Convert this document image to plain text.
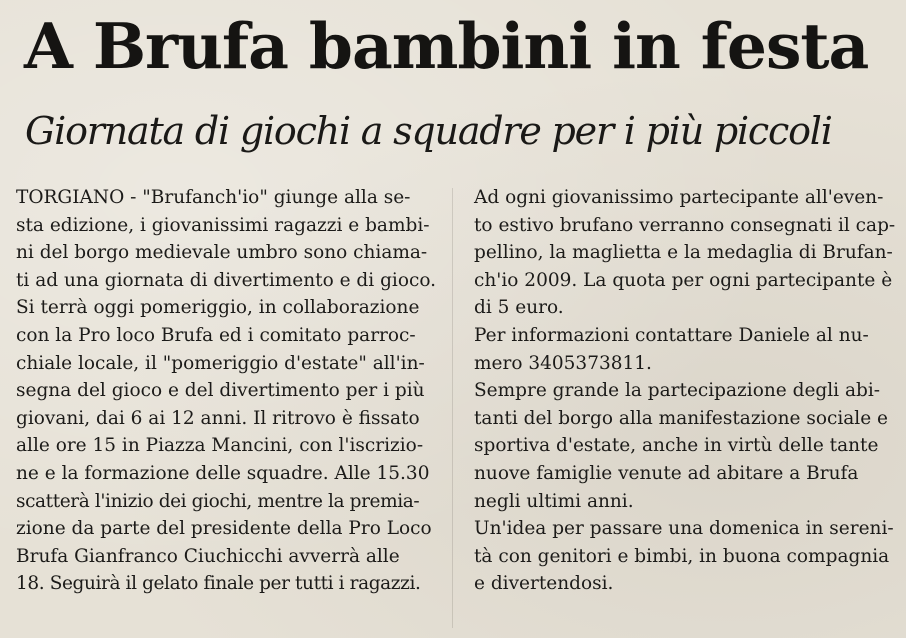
A Brufa bambini in festa
Giornata di giochi a squadre per i più piccoli
TORGIANO - "Brufanch'io" giunge alla se-
sta edizione, i giovanissimi ragazzi e bambi-
ni del borgo medievale umbro sono chiama-
ti ad una giornata di divertimento e di gioco.
Si terrà oggi pomeriggio, in collaborazione
con la Pro loco Brufa ed i comitato parroc-
chiale locale, il "pomeriggio d'estate" all'in-
segna del gioco e del divertimento per i più
giovani, dai 6 ai 12 anni. Il ritrovo è fissato
alle ore 15 in Piazza Mancini, con l'iscrizio-
ne e la formazione delle squadre. Alle 15.30
scatterà l'inizio dei giochi, mentre la premia-
zione da parte del presidente della Pro Loco
Brufa Gianfranco Ciuchicchi avverrà alle
18. Seguirà il gelato finale per tutti i ragazzi.
Ad ogni giovanissimo partecipante all'even-
to estivo brufano verranno consegnati il cap-
pellino, la maglietta e la medaglia di Brufan-
ch'io 2009. La quota per ogni partecipante è
di 5 euro.
Per informazioni contattare Daniele al nu-
mero 3405373811.
Sempre grande la partecipazione degli abi-
tanti del borgo alla manifestazione sociale e
sportiva d'estate, anche in virtù delle tante
nuove famiglie venute ad abitare a Brufa
negli ultimi anni.
Un'idea per passare una domenica in sereni-
tà con genitori e bimbi, in buona compagnia
e divertendosi.
